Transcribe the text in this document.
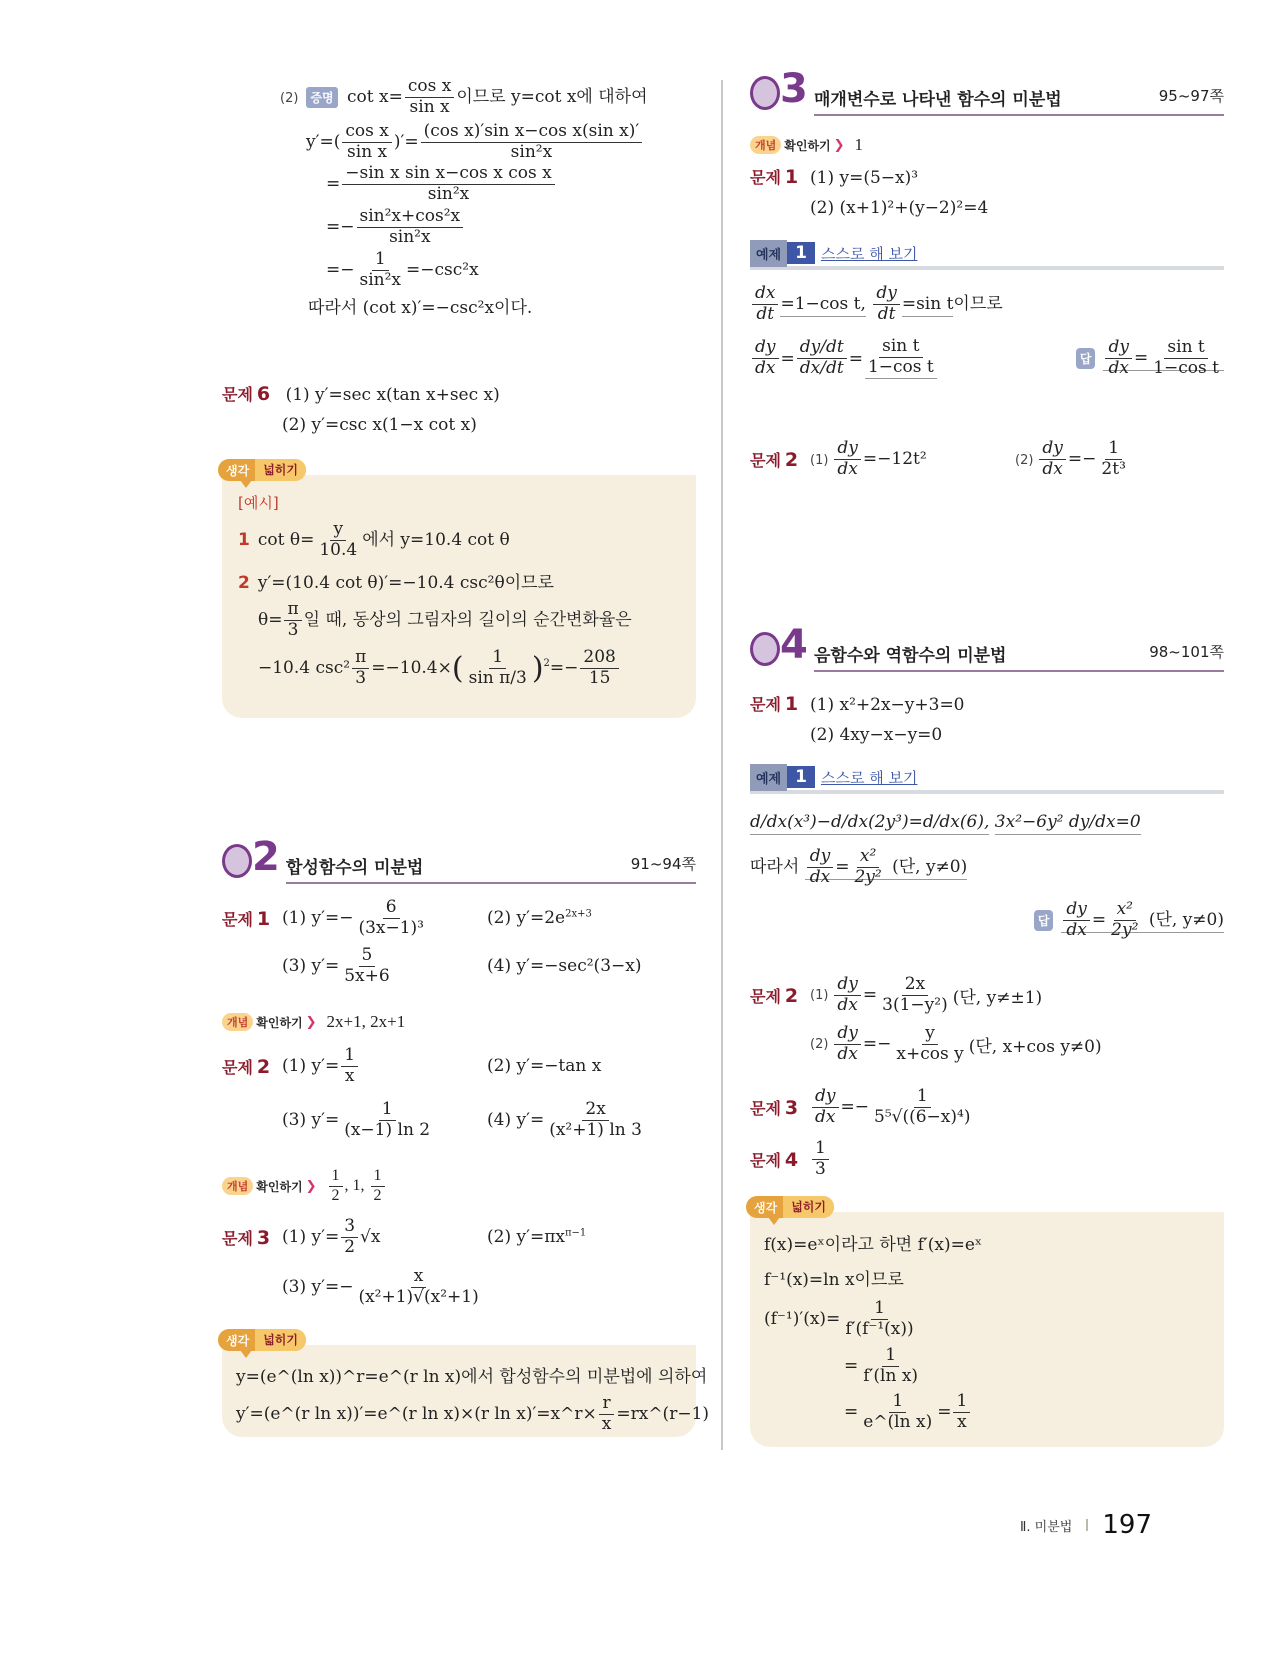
(2) 증명 $\cot x= \frac{\text{cos x}}{\text{sin x}}$ 이므로 y=cot x에 대하여
$y'=( \frac{\text{cos x}}{\text{sin x}}$ )′= $\frac{\text{(cos x)′sin x−cos x(sin x)′}}{\text{sin²x}}$
= $\frac{\text{−sin x sin x−cos x cos x}}{\text{sin²x}}$
=− $\frac{\text{sin²x+cos²x}}{\text{sin²x}}$
=− $\frac{1}{\text{sin²x}} =-\csc^2x$
따라서 (cot x)′=−csc²x이다.
문제 6 (1) y′=sec x(tan x+sec x)
(2) y′=csc x(1−x cot x)
생각	넓히기
[예시]
1 $\cot \theta= \frac{y}{10.4}$ 에서 y=10.4 cot θ
2 y′=(10.4 cot θ)′=−10.4 csc²θ이므로
$\theta= \frac{\pi}{3}$ 일 때, 동상의 그림자의 길이의 순간변화율은
−10.4 $\csc^2 \frac{\pi}{3} =-10.4\times( \frac{1}{\text{sin π/3}} )^2=- \frac{208}{15}$
2 합성함수의 미분법	91~94쪽
문제 1 (1) $y'=- \frac{6}{\text{(3x−1)³}}$	(2) $y'=2e^{2x+3}$
(3) $y'= \frac{5}{5x+6}$	(4) y′=−sec²(3−x)
개념 확인하기 ❯ 2x+1, 2x+1
문제 2 (1) $y'= \frac{1}{x}$	(2) y′=−tan x
(3) $y'= \frac{1}{(x-1) \ln 2}$	(4) $y'= \frac{2x}{\text{(x²+1) ln 3}}$
개념 확인하기 ❯ $\frac{1}{2}$ , 1, $\frac{1}{2}$
문제 3 (1) $y'= \frac{3}{2} √x$	(2) $y'=\pi x^{\pi-1}$
(3) $y'=- \frac{x}{\text{(x²+1)√(x²+1)}}$
생각	넓히기
y=(e^(ln x))^r=e^(r ln x)에서 합성함수의 미분법에 의하여
y′=(e^(r ln x))′=e^(r ln x)×(r ln x)′=x^r× $\frac{r}{x}$ =rx^(r−1)
3 매개변수로 나타낸 함수의 미분법	95~97쪽
개념 확인하기 ❯ 1
문제 1 (1) y=(5−x)³
(2) (x+1)²+(y−2)²=4
예제 1 스스로 해 보기
$\frac{dx}{dt} =1-\cos$ t, $\frac{dy}{dt} =\sin$ t이므로
$\frac{dy}{dx} = \frac{dy/dt}{dx/dt} = \frac{\text{sin t}}{\text{1−cos t}}$	답 $\frac{dy}{dx} = \frac{\text{sin t}}{\text{1−cos t}}$
문제 2 $(1) \frac{dy}{dx} =-12t^2$	$(2) \frac{dy}{dx} =- \frac{1}{\text{2t³}}$
4 음함수와 역함수의 미분법	98~101쪽
문제 1 (1) x²+2x−y+3=0
(2) 4xy−x−y=0
예제 1 스스로 해 보기
d/dx(x³)−d/dx(2y³)=d/dx(6), 3x²−6y² dy/dx=0
따라서 $\frac{dy}{dx} = \frac{\text{x²}}{\text{2y²}}$ (단, y≠0)
답 $\frac{dy}{dx} = \frac{\text{x²}}{\text{2y²}}$ (단, y≠0)
문제 2 $(1) \frac{dy}{dx} = \frac{2x}{\text{3(1−y²)}}$ (단, y≠±1)
$(2) \frac{dy}{dx} =- \frac{y}{\text{x+cos y}}$ (단, x+cos y≠0)
문제 $3 \frac{dy}{dx} =- \frac{1}{\text{5⁵√((6−x)⁴)}}$
문제 $4 \frac{1}{3}$
생각	넓히기
f(x)=eˣ이라고 하면 f′(x)=eˣ
f⁻¹(x)=ln x이므로
$(f^{-1})'(x)= \frac{1}{\text{f′(f⁻¹(x))}}$
= $\frac{1}{\text{f′(ln x)}}$
= $\frac{1}{\text{e\textasciicircum{}(ln x)}} = \frac{1}{x}$
Ⅱ. 미분법 197
